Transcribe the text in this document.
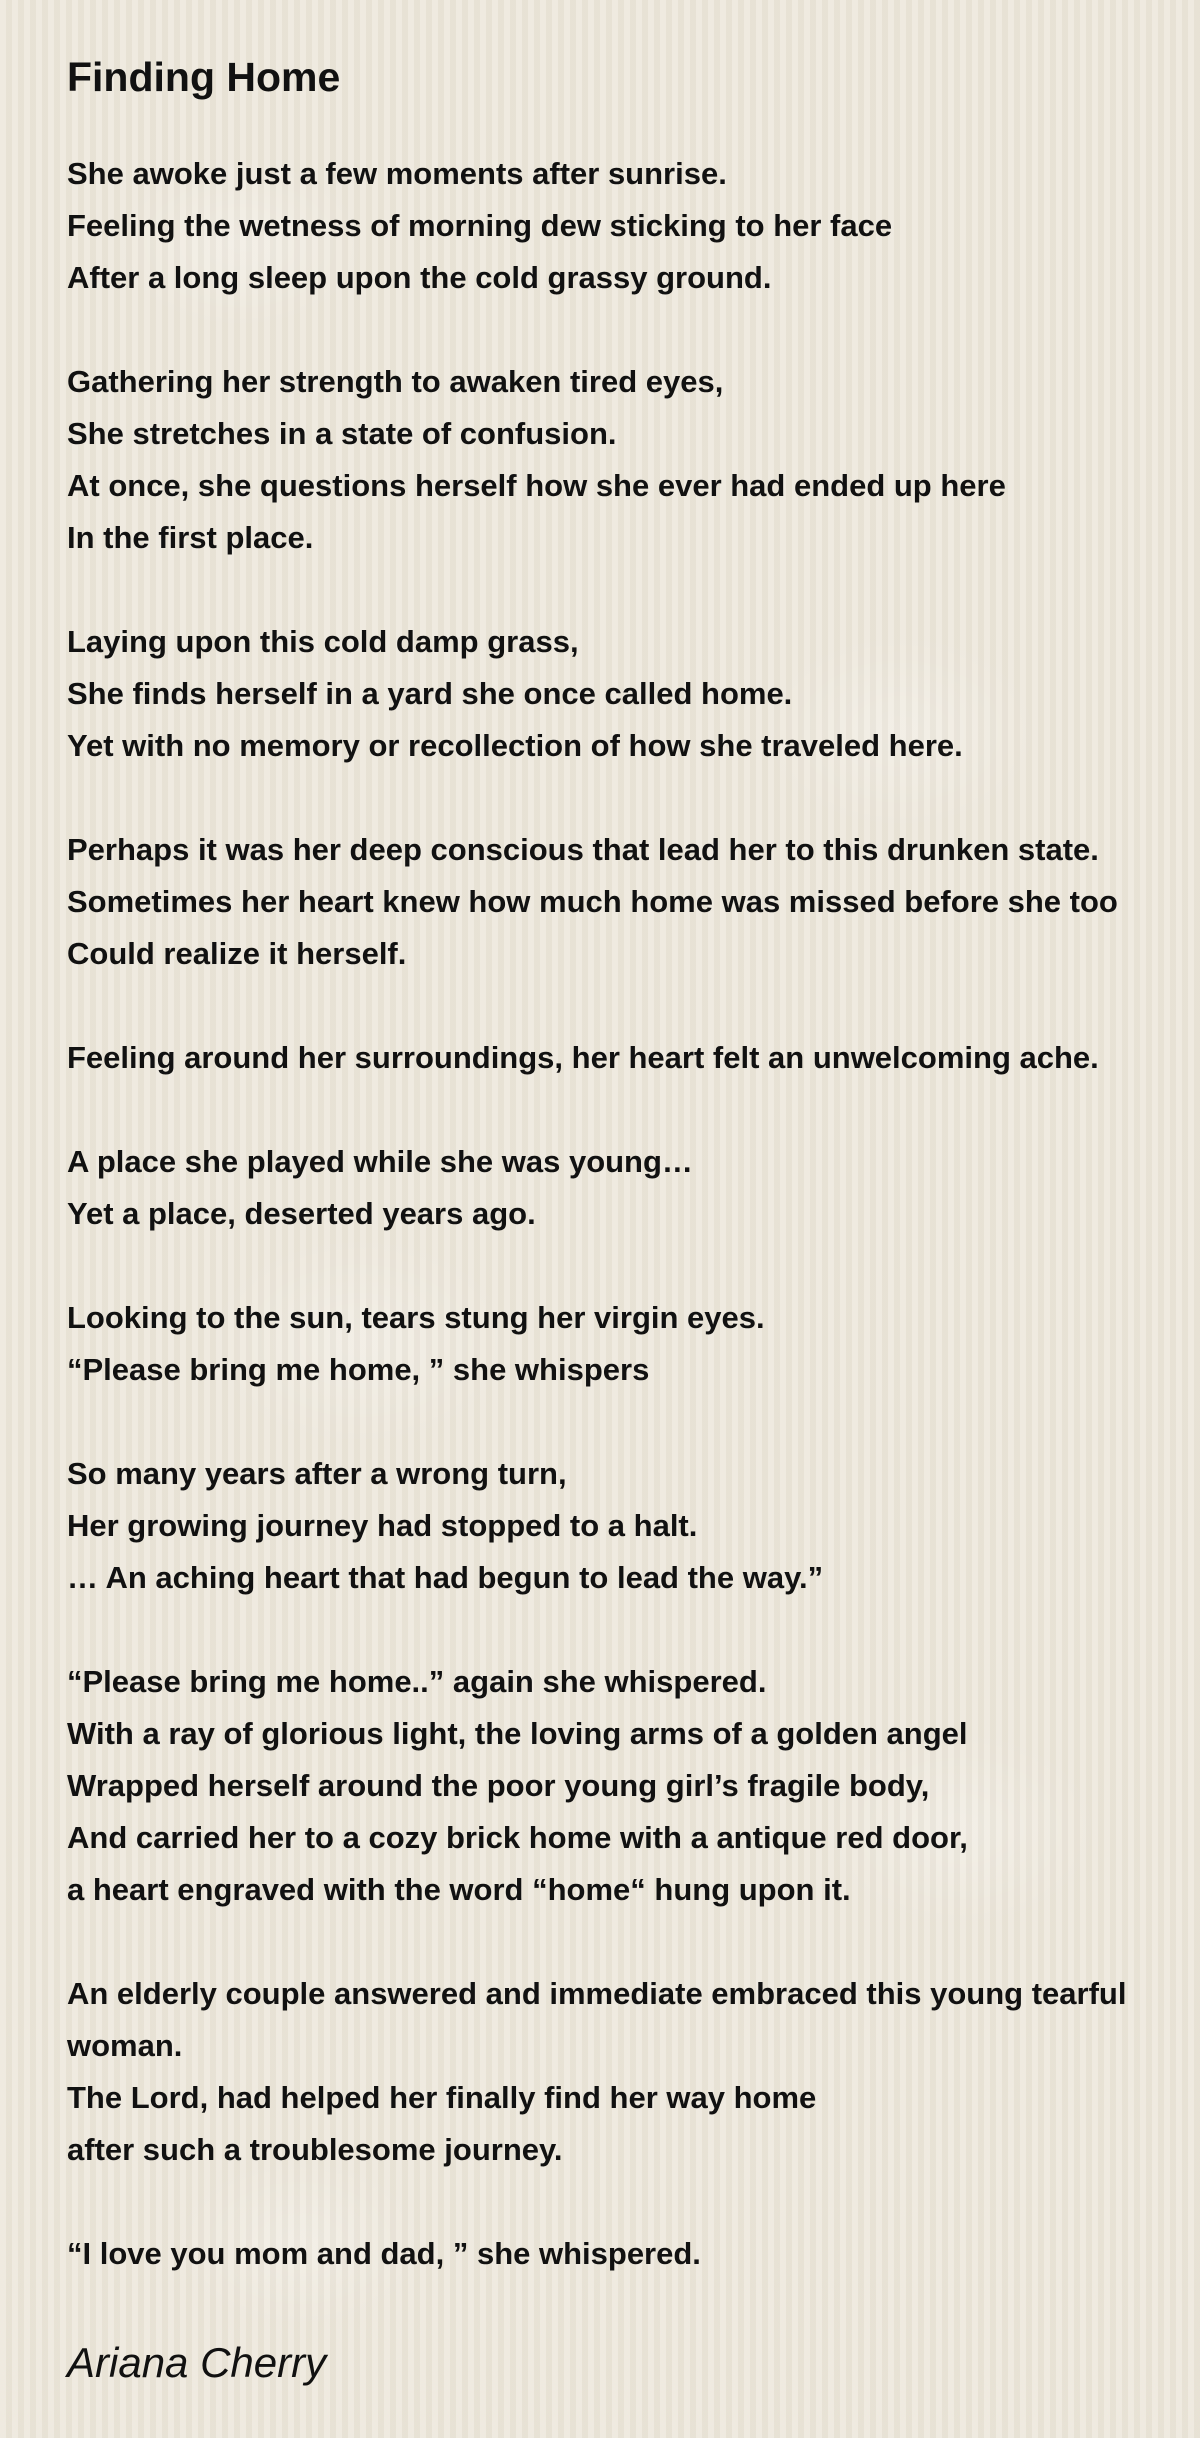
Finding Home

She awoke just a few moments after sunrise.
Feeling the wetness of morning dew sticking to her face
After a long sleep upon the cold grassy ground.

Gathering her strength to awaken tired eyes,
She stretches in a state of confusion.
At once, she questions herself how she ever had ended up here
In the first place.

Laying upon this cold damp grass,
She finds herself in a yard she once called home.
Yet with no memory or recollection of how she traveled here.

Perhaps it was her deep conscious that lead her to this drunken state.
Sometimes her heart knew how much home was missed before she too
Could realize it herself.

Feeling around her surroundings, her heart felt an unwelcoming ache.

A place she played while she was young…
Yet a place, deserted years ago.

Looking to the sun, tears stung her virgin eyes.
“Please bring me home, ” she whispers

So many years after a wrong turn,
Her growing journey had stopped to a halt.
… An aching heart that had begun to lead the way.”

“Please bring me home..” again she whispered.
With a ray of glorious light, the loving arms of a golden angel
Wrapped herself around the poor young girl’s fragile body,
And carried her to a cozy brick home with a antique red door,
a heart engraved with the word “home“ hung upon it.

An elderly couple answered and immediate embraced this young tearful
woman.
The Lord, had helped her finally find her way home
after such a troublesome journey.

“I love you mom and dad, ” she whispered.

Ariana Cherry
